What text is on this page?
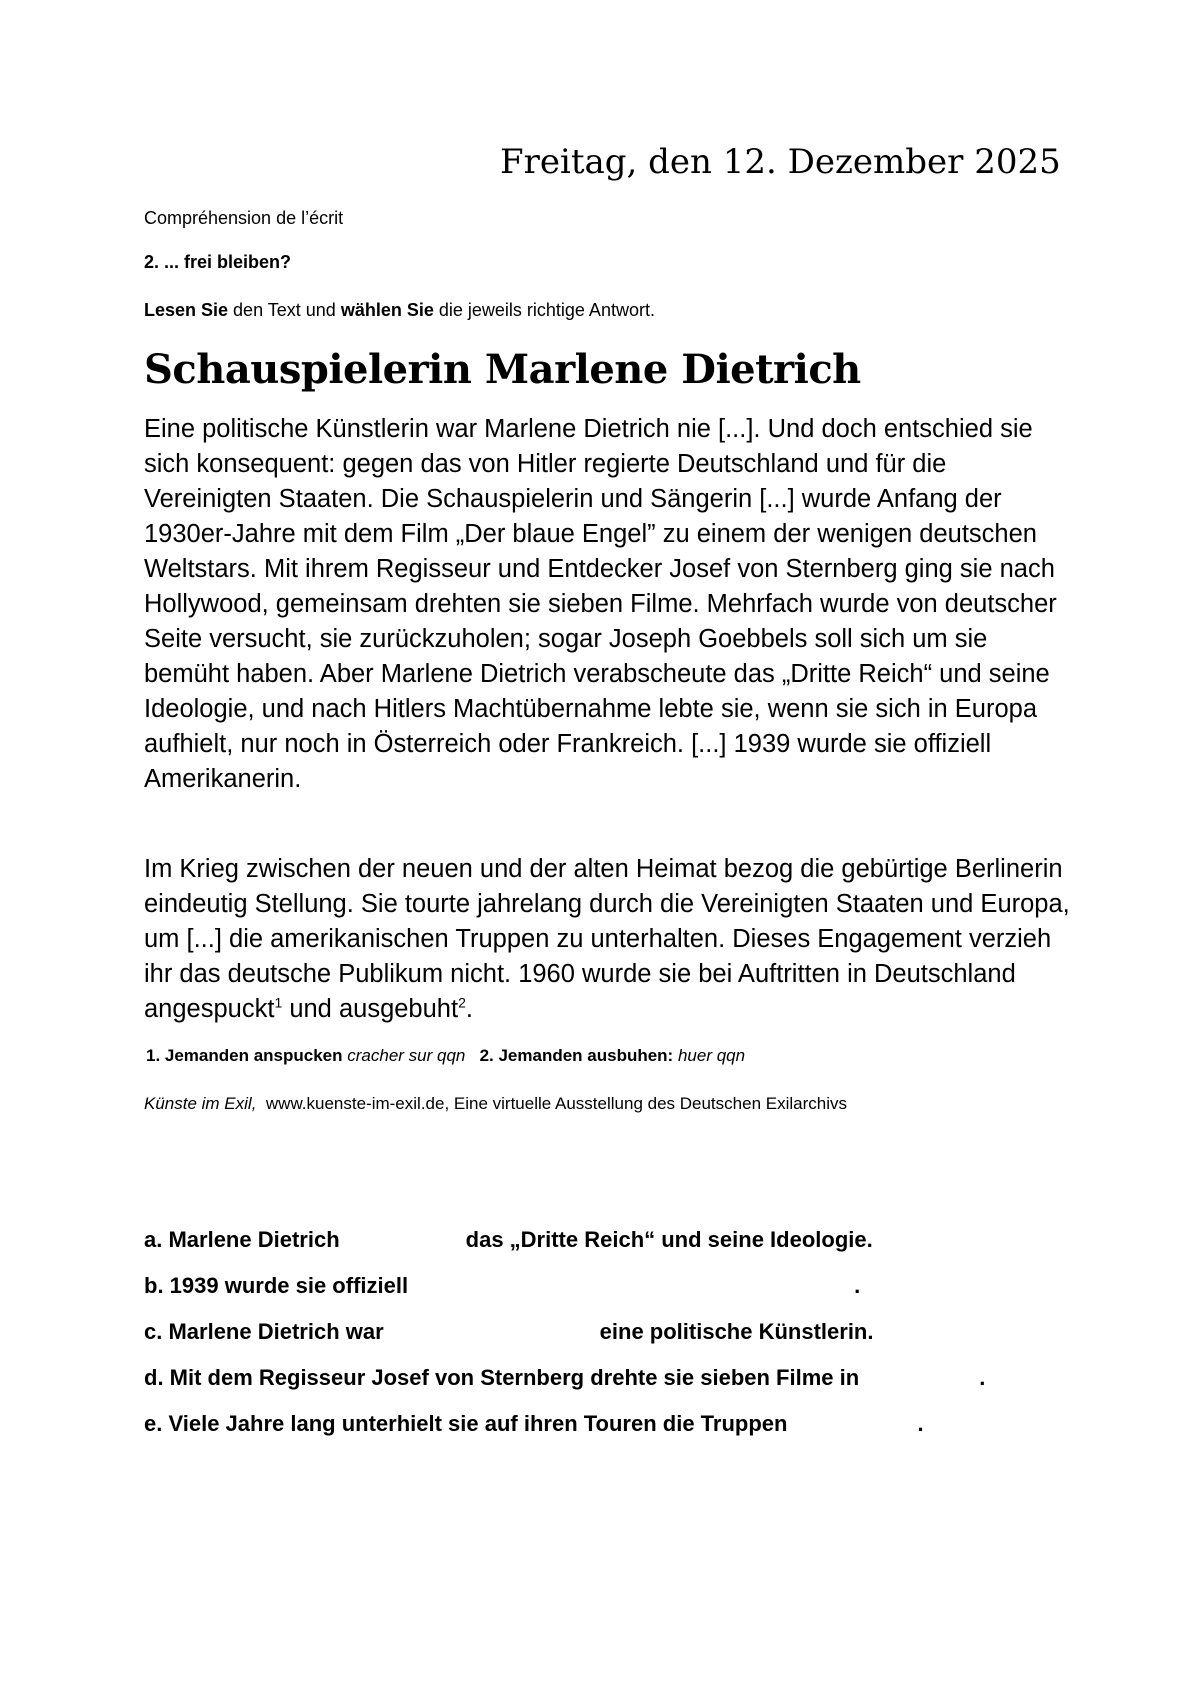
Freitag, den 12. Dezember 2025
Compréhension de l’écrit
2. ... frei bleiben?
Lesen Sie den Text und wählen Sie die jeweils richtige Antwort.
Schauspielerin Marlene Dietrich

Eine politische Künstlerin war Marlene Dietrich nie [...]. Und doch entschied sie sich konsequent: gegen das von Hitler regierte Deutschland und für die Vereinigten Staaten. Die Schauspielerin und Sängerin [...] wurde Anfang der 1930er-Jahre mit dem Film „Der blaue Engel” zu einem der wenigen deutschen Weltstars. Mit ihrem Regisseur und Entdecker Josef von Sternberg ging sie nach Hollywood, gemeinsam drehten sie sieben Filme. Mehrfach wurde von deutscher Seite versucht, sie zurückzuholen; sogar Joseph Goebbels soll sich um sie bemüht haben. Aber Marlene Dietrich verabscheute das „Dritte Reich“ und seine Ideologie, und nach Hitlers Machtübernahme lebte sie, wenn sie sich in Europa aufhielt, nur noch in Österreich oder Frankreich. [...] 1939 wurde sie offiziell Amerikanerin.

Im Krieg zwischen der neuen und der alten Heimat bezog die gebürtige Berlinerin eindeutig Stellung. Sie tourte jahrelang durch die Vereinigten Staaten und Europa, um [...] die amerikanischen Truppen zu unterhalten. Dieses Engagement verzieh ihr das deutsche Publikum nicht. 1960 wurde sie bei Auftritten in Deutschland angespuckt$^1$ und ausgebuht$^2$.

1. Jemanden anspucken cracher sur qqn 2. Jemanden ausbuhen: huer qqn
Künste im Exil, www.kuenste-im-exil.de, Eine virtuelle Ausstellung des Deutschen Exilarchivs
a. Marlene Dietrich	das „Dritte Reich“ und seine Ideologie.
b. 1939 wurde sie offiziell	.
c. Marlene Dietrich war	eine politische Künstlerin.
d. Mit dem Regisseur Josef von Sternberg drehte sie sieben Filme in	.
e. Viele Jahre lang unterhielt sie auf ihren Touren die Truppen	.
